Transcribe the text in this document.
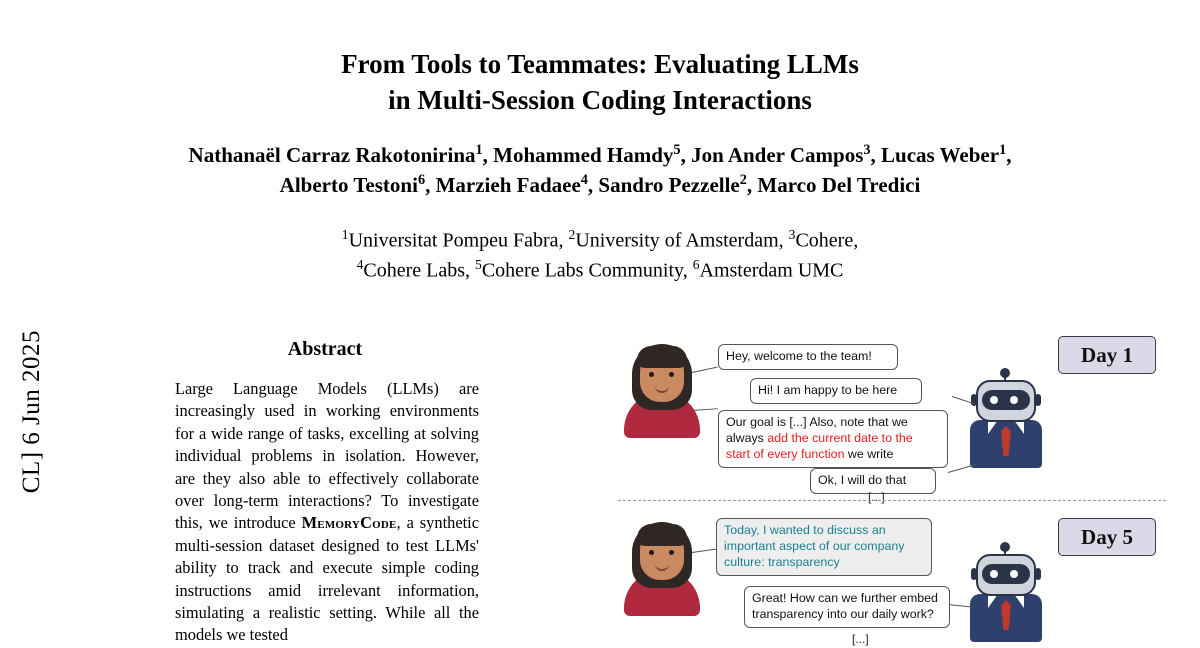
CL] 6 Jun 2025
From Tools to Teammates: Evaluating LLMs
in Multi-Session Coding Interactions
Nathanaël Carraz Rakotonirina$^1$, Mohammed Hamdy$^5$, Jon Ander Campos$^3$, Lucas Weber$^1$,
Alberto Testoni$^6$, Marzieh Fadaee$^4$, Sandro Pezzelle$^2$, Marco Del Tredici
$^1$Universitat Pompeu Fabra, $^2$University of Amsterdam, $^3$Cohere,
$^4$Cohere Labs, $^5$Cohere Labs Community, $^6$Amsterdam UMC
Abstract
Large Language Models (LLMs) are increasingly used in working environments for a wide range of tasks, excelling at solving individual problems in isolation. However, are they also able to effectively collaborate over long-term interactions? To investigate this, we introduce MemoryCode, a synthetic multi-session dataset designed to test LLMs' ability to track and execute simple coding instructions amid irrelevant information, simulating a realistic setting. While all the models we tested
Day 1
Hey, welcome to the team!
Hi! I am happy to be here
Our goal is [...] Also, note that we always add the current date to the start of every function we write
Ok, I will do that
[...]
Day 5
Today, I wanted to discuss an important aspect of our company culture: transparency
Great! How can we further embed transparency into our daily work?
[...]
